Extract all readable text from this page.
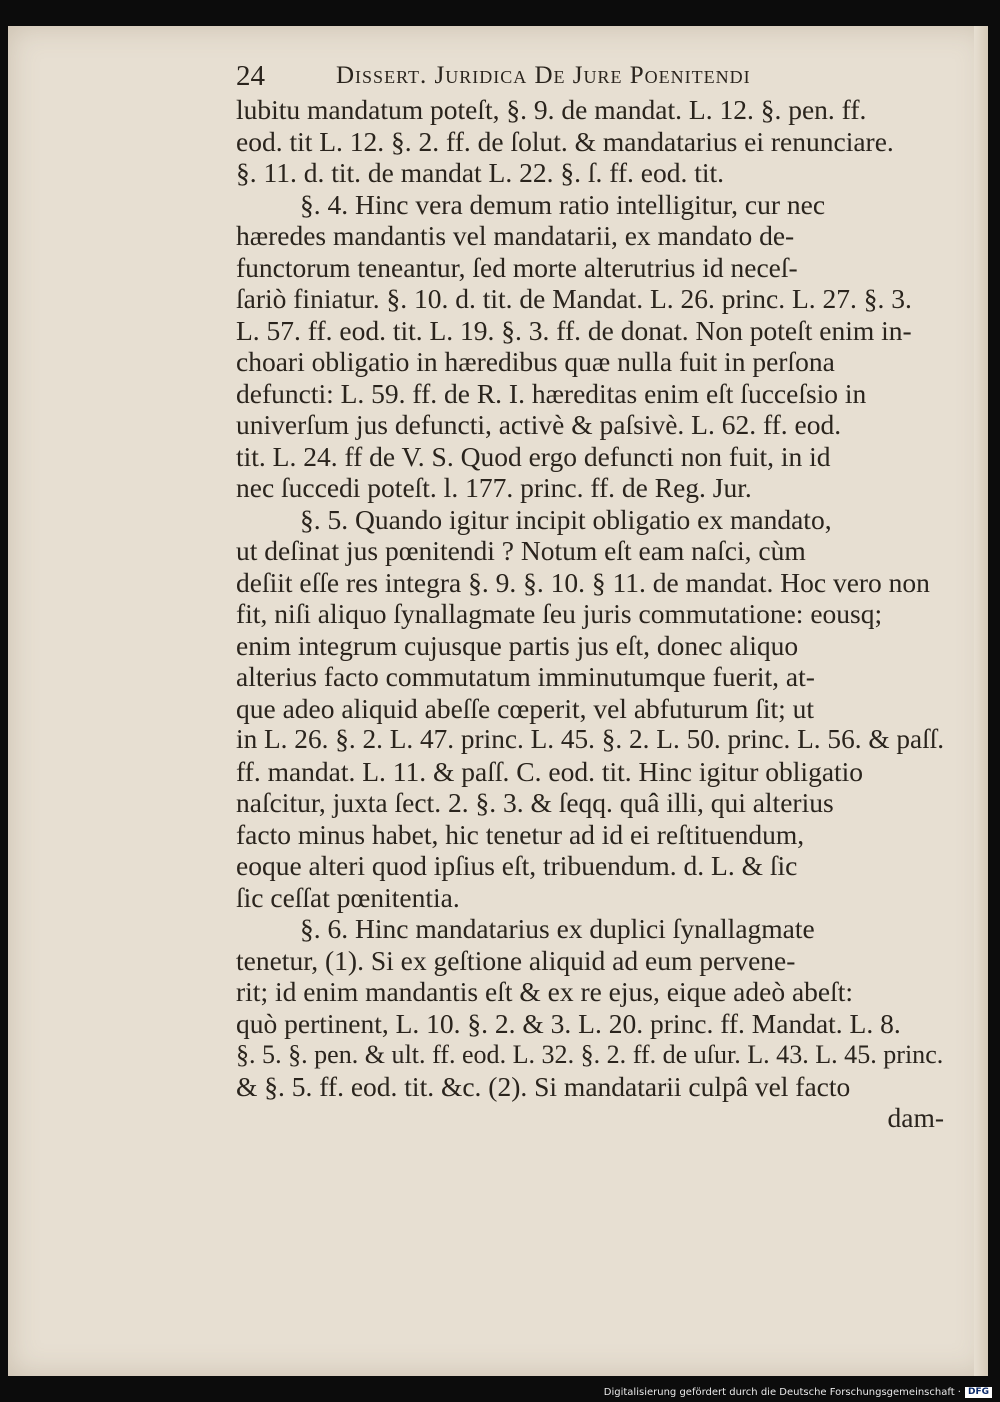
24	Dissert. Juridica De Jure Poenitendi
lubitu mandatum poteſt, §. 9. de mandat. L. 12. §. pen. ff.
eod. tit L. 12. §. 2. ff. de ſolut. & mandatarius ei renunciare.
§. 11. d. tit. de mandat L. 22. §. ſ. ff. eod. tit.
§. 4. Hinc vera demum ratio intelligitur, cur nec
hæredes mandantis vel mandatarii, ex mandato de-
functorum teneantur, ſed morte alterutrius id neceſ-
ſariò finiatur. §. 10. d. tit. de Mandat. L. 26. princ. L. 27. §. 3.
L. 57. ff. eod. tit. L. 19. §. 3. ff. de donat. Non poteſt enim in-
choari obligatio in hæredibus quæ nulla fuit in perſona
defuncti: L. 59. ff. de R. I. hæreditas enim eſt ſucceſsio in
univerſum jus defuncti, activè & paſsivè. L. 62. ff. eod.
tit. L. 24. ff de V. S. Quod ergo defuncti non fuit, in id
nec ſuccedi poteſt. l. 177. princ. ff. de Reg. Jur.
§. 5. Quando igitur incipit obligatio ex mandato,
ut deſinat jus pœnitendi ? Notum eſt eam naſci, cùm
deſiit eſſe res integra §. 9. §. 10. § 11. de mandat. Hoc vero non
fit, niſi aliquo ſynallagmate ſeu juris commutatione: eousq;
enim integrum cujusque partis jus eſt, donec aliquo
alterius facto commutatum imminutumque fuerit, at-
que adeo aliquid abeſſe cœperit, vel abfuturum ſit; ut
in L. 26. §. 2. L. 47. princ. L. 45. §. 2. L. 50. princ. L. 56. & paſſ.
ff. mandat. L. 11. & paſſ. C. eod. tit. Hinc igitur obligatio
naſcitur, juxta ſect. 2. §. 3. & ſeqq. quâ illi, qui alterius
facto minus habet, hic tenetur ad id ei reſtituendum,
eoque alteri quod ipſius eſt, tribuendum. d. L. & ſic
ſic ceſſat pœnitentia.
§. 6. Hinc mandatarius ex duplici ſynallagmate
tenetur, (1). Si ex geſtione aliquid ad eum pervene-
rit; id enim mandantis eſt & ex re ejus, eique adeò abeſt:
quò pertinent, L. 10. §. 2. & 3. L. 20. princ. ff. Mandat. L. 8.
§. 5. §. pen. & ult. ff. eod. L. 32. §. 2. ff. de uſur. L. 43. L. 45. princ.
& §. 5. ff. eod. tit. &c. (2). Si mandatarii culpâ vel facto
dam-
Digitalisierung gefördert durch die Deutsche Forschungsgemeinschaft · DFG
